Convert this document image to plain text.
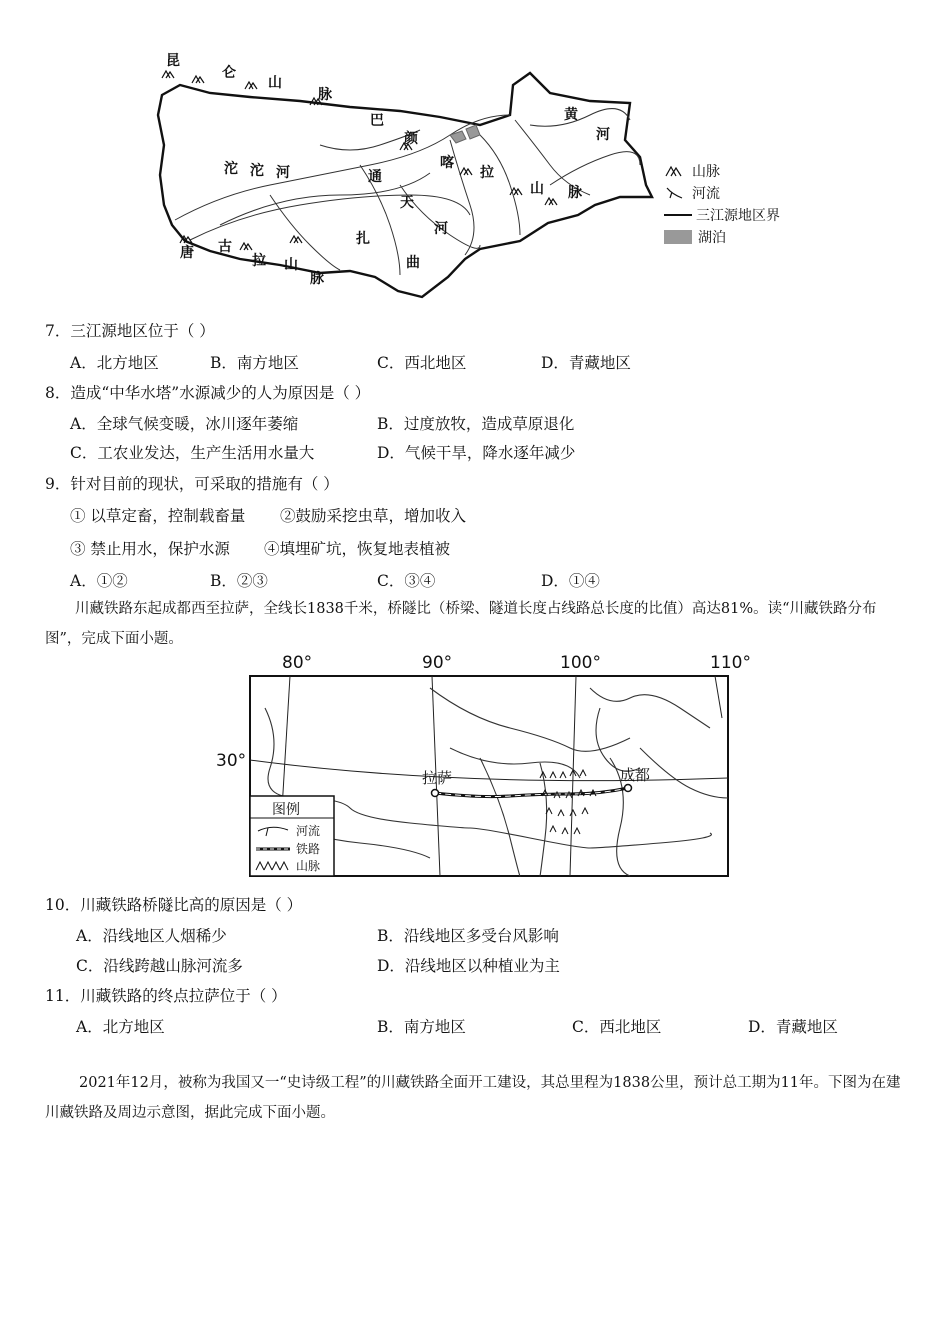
昆
仑
山
脉
巴
颜
喀
拉
山 脉
沱 沱 河	通
天
河
扎
曲
唐 古
拉 山
脉
黄
河
山脉
河流
三江源地区界
湖泊
7．三江源地区位于（ ）
A．北方地区	B．南方地区	C．西北地区	D．青藏地区
8．造成“中华水塔”水源减少的人为原因是（ ）
A．全球气候变暖，冰川逐年萎缩	B．过度放牧，造成草原退化
C．工农业发达，生产生活用水量大	D．气候干旱，降水逐年减少
9．针对目前的现状，可采取的措施有（ ）
① 以草定畜，控制载畜量 ②鼓励采挖虫草，增加收入
③ 禁止用水，保护水源 ④填埋矿坑，恢复地表植被
A．①②	B．②③	C．③④	D．①④
川藏铁路东起成都西至拉萨，全线长1838千米，桥隧比（桥梁、隧道长度占线路总长度的比值）高达81%。读“川藏铁路分布图”，完成下面小题。
80°	90°	100°	110°
30°
拉萨	成都
图例
河流
铁路
山脉
10．川藏铁路桥隧比高的原因是（ ）
A．沿线地区人烟稀少	B．沿线地区多受台风影响
C．沿线跨越山脉河流多	D．沿线地区以种植业为主
11．川藏铁路的终点拉萨位于（ ）
A．北方地区	B．南方地区	C．西北地区	D．青藏地区
2021年12月，被称为我国又一“史诗级工程”的川藏铁路全面开工建设，其总里程为1838公里，预计总工期为11年。下图为在建川藏铁路及周边示意图，据此完成下面小题。
